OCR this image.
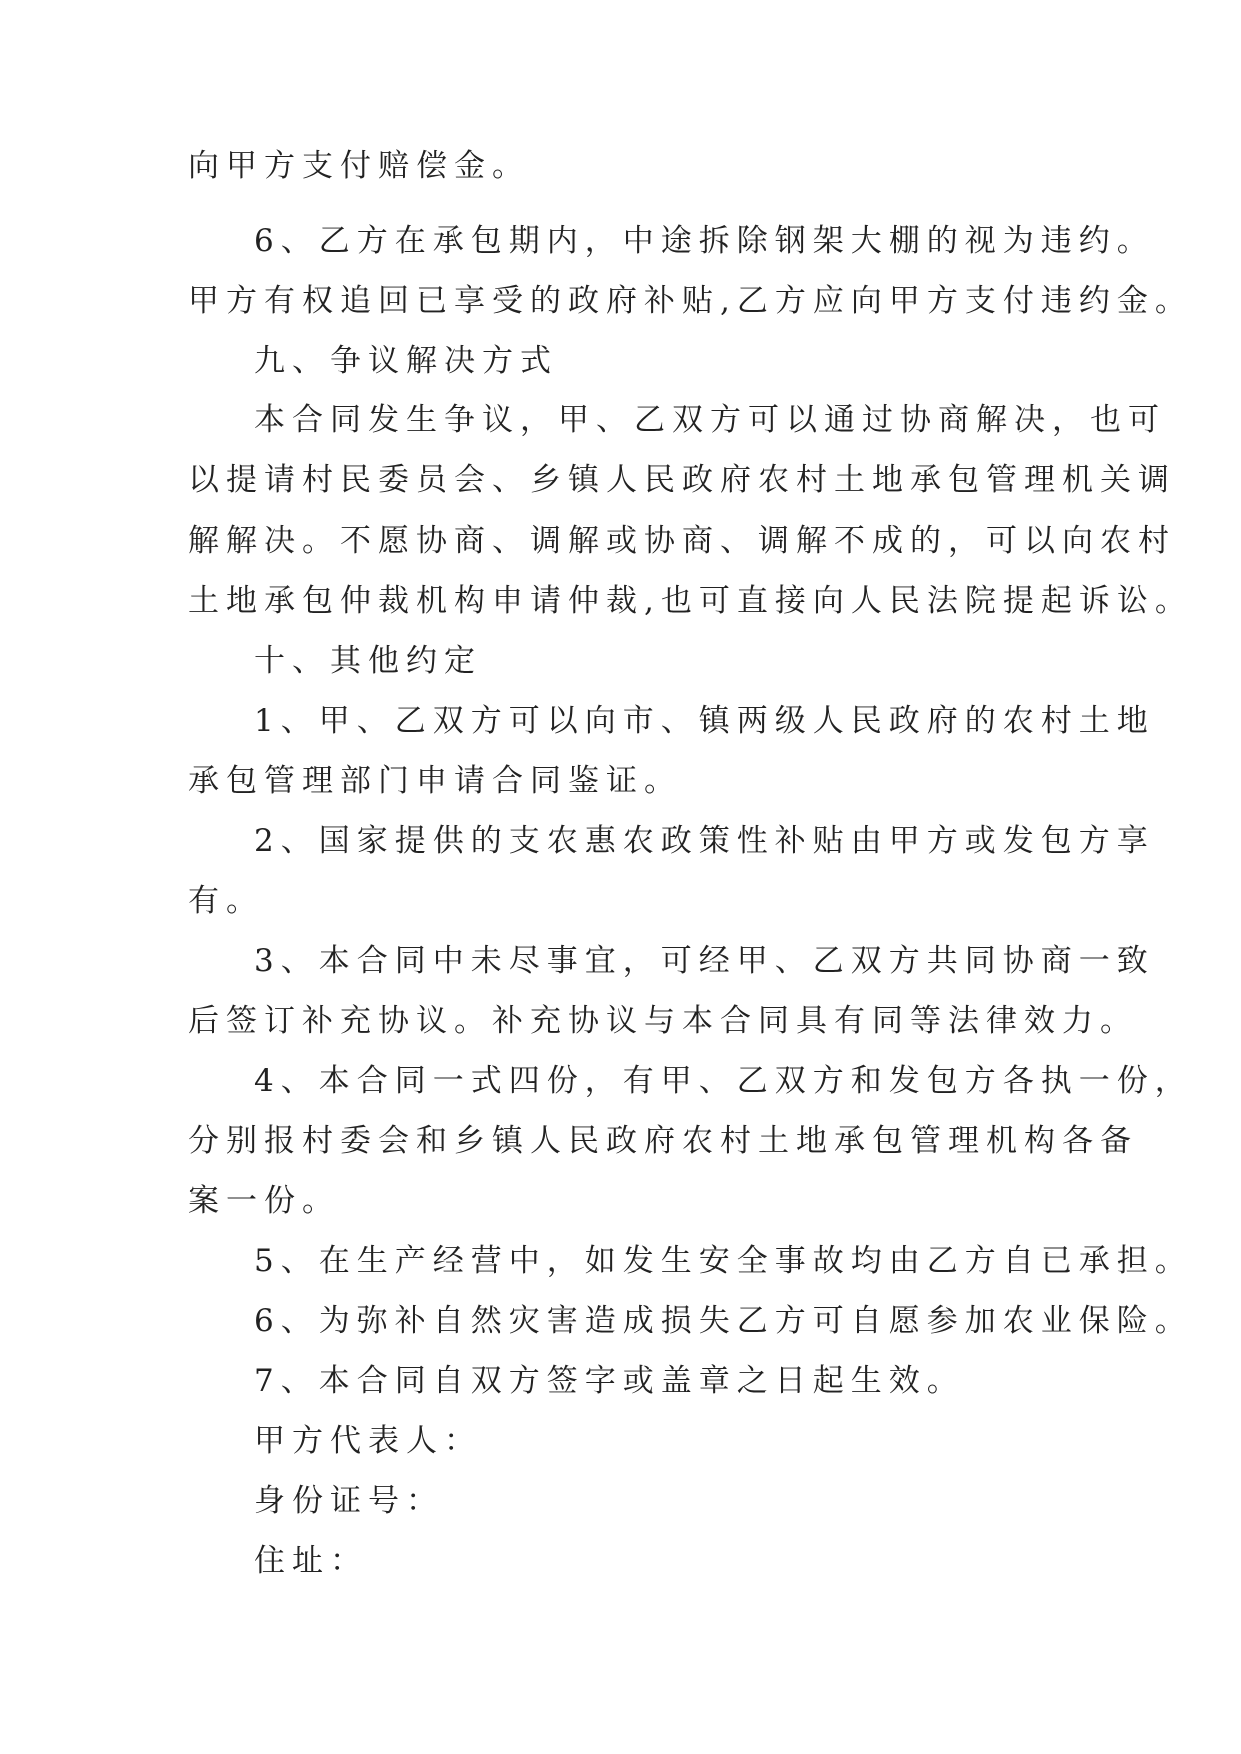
向甲方支付赔偿金。
6、乙方在承包期内，中途拆除钢架大棚的视为违约。
甲方有权追回已享受的政府补贴,乙方应向甲方支付违约金。
九、争议解决方式
本合同发生争议，甲、乙双方可以通过协商解决，也可
以提请村民委员会、乡镇人民政府农村土地承包管理机关调
解解决。不愿协商、调解或协商、调解不成的，可以向农村
土地承包仲裁机构申请仲裁,也可直接向人民法院提起诉讼。
十、其他约定
1、甲、乙双方可以向市、镇两级人民政府的农村土地
承包管理部门申请合同鉴证。
2、国家提供的支农惠农政策性补贴由甲方或发包方享
有。
3、本合同中未尽事宜，可经甲、乙双方共同协商一致
后签订补充协议。补充协议与本合同具有同等法律效力。
4、本合同一式四份，有甲、乙双方和发包方各执一份，
分别报村委会和乡镇人民政府农村土地承包管理机构各备
案一份。
5、在生产经营中，如发生安全事故均由乙方自已承担。
6、为弥补自然灾害造成损失乙方可自愿参加农业保险。
7、本合同自双方签字或盖章之日起生效。
甲方代表人：
身份证号：
住址：
